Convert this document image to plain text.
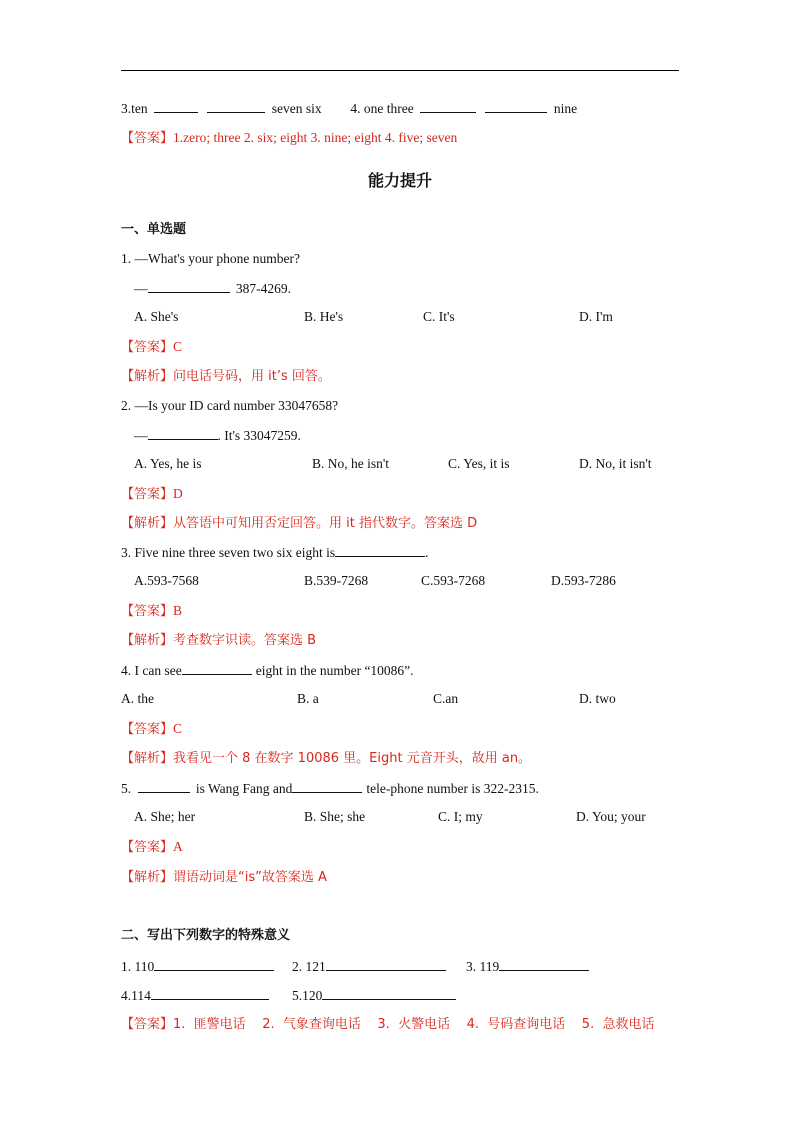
3.ten	seven six 4. one three	nine
【答案】1.zero; three 2. six; eight 3. nine; eight 4. five; seven
能力提升
一、单选题
1. —What's your phone number?
—	387-4269.
A. She's	B. He's	C. It's	D. I'm
【答案】C
【解析】问电话号码，用 it’s 回答。
2. —Is your ID card number 33047658?
—	. It's 33047259.
A. Yes, he is	B. No, he isn't	C. Yes, it is	D. No, it isn't
【答案】D
【解析】从答语中可知用否定回答。用 it 指代数字。答案选 D
3. Five nine three seven two six eight is	.
A.593-7568	B.539-7268	C.593-7268	D.593-7286
【答案】B
【解析】考查数字识读。答案选 B
4. I can see	eight in the number “10086”.
A. the	B. a	C.an	D. two
【答案】C
【解析】我看见一个 8 在数字 10086 里。Eight 元音开头，故用 an。
5.	is Wang Fang and	tele-phone number is 322-2315.
A. She; her	B. She; she	C. I; my	D. You; your
【答案】A
【解析】谓语动词是“is”故答案选 A
二、写出下列数字的特殊意义
1. 110	2. 121	3. 119
4.114	5.120
【答案】1.  匪警电话    2.  气象查询电话    3.  火警电话    4.  号码查询电话    5.  急救电话
